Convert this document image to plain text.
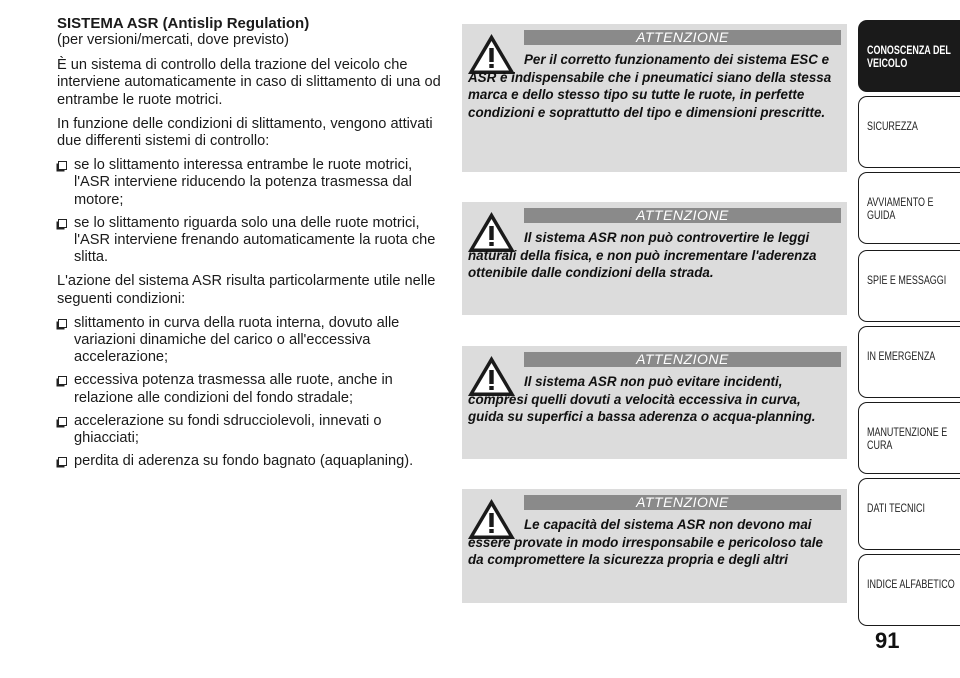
SISTEMA ASR (Antislip Regulation)
(per versioni/mercati, dove previsto)

È un sistema di controllo della trazione del veicolo che interviene automaticamente in caso di slittamento di una od entrambe le ruote motrici.

In funzione delle condizioni di slittamento, vengono attivati due differenti sistemi di controllo:

se lo slittamento interessa entrambe le ruote motrici, l'ASR interviene riducendo la potenza trasmessa dal motore;
se lo slittamento riguarda solo una delle ruote motrici, l'ASR interviene frenando automaticamente la ruota che slitta.

L'azione del sistema ASR risulta particolarmente utile nelle seguenti condizioni:

slittamento in curva della ruota interna, dovuto alle variazioni dinamiche del carico o all'eccessiva accelerazione;
eccessiva potenza trasmessa alle ruote, anche in relazione alle condizioni del fondo stradale;
accelerazione su fondi sdrucciolevoli, innevati o ghiacciati;
perdita di aderenza su fondo bagnato (aquaplaning).
ATTENZIONE
Per il corretto funzionamento dei sistema ESC e ASR è indispensabile che i pneumatici siano della stessa marca e dello stesso tipo su tutte le ruote, in perfette condizioni e soprattutto del tipo e dimensioni prescritte.
ATTENZIONE
Il sistema ASR non può controvertire le leggi naturali della fisica, e non può incrementare l'aderenza ottenibile dalle condizioni della strada.
ATTENZIONE
Il sistema ASR non può evitare incidenti, compresi quelli dovuti a velocità eccessiva in curva, guida su superfici a bassa aderenza o acqua-planning.
ATTENZIONE
Le capacità del sistema ASR non devono mai essere provate in modo irresponsabile e pericoloso tale da compromettere la sicurezza propria e degli altri
CONOSCENZA DEL VEICOLO
SICUREZZA
AVVIAMENTO E GUIDA
SPIE E MESSAGGI
IN EMERGENZA
MANUTENZIONE E CURA
DATI TECNICI
INDICE ALFABETICO
91
